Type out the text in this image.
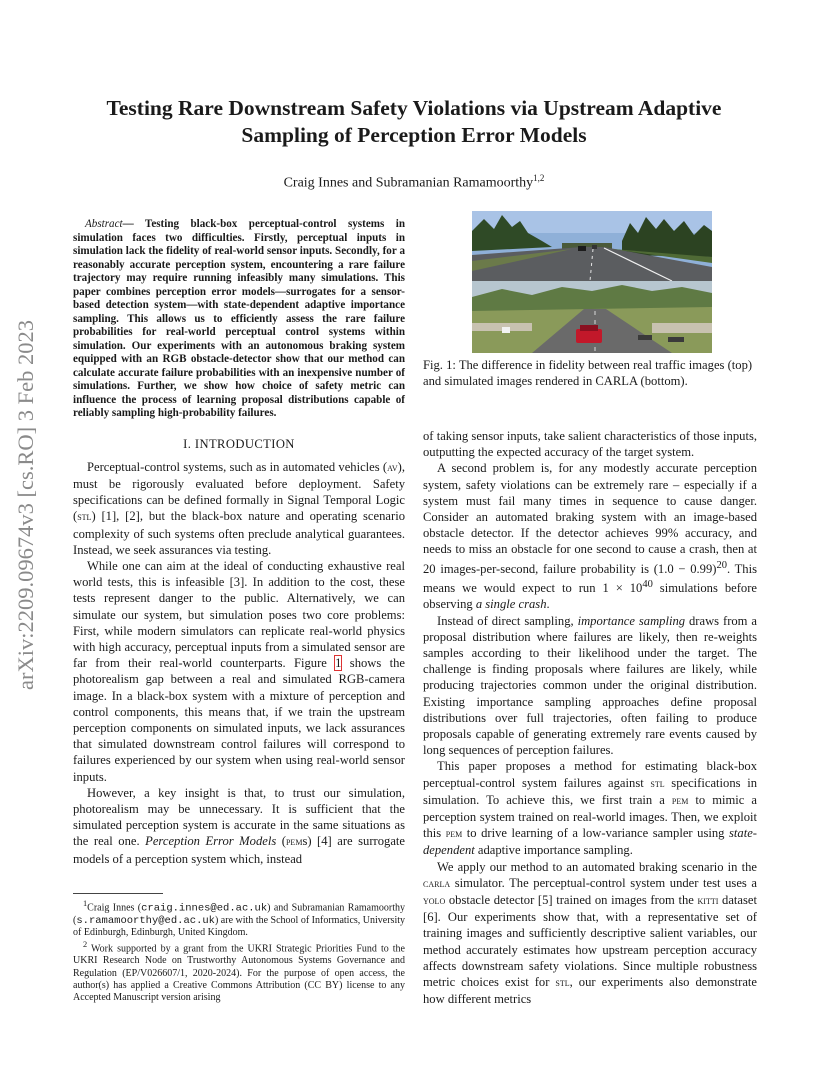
arXiv:2209.09674v3 [cs.RO] 3 Feb 2023
Testing Rare Downstream Safety Violations via Upstream Adaptive
Sampling of Perception Error Models
Craig Innes and Subramanian Ramamoorthy$^{1,2}$
Abstract— Testing black-box perceptual-control systems in simulation faces two difficulties. Firstly, perceptual inputs in simulation lack the fidelity of real-world sensor inputs. Secondly, for a reasonably accurate perception system, encountering a rare failure trajectory may require running infeasibly many simulations. This paper combines perception error models—surrogates for a sensor-based detection system—with state-dependent adaptive importance sampling. This allows us to efficiently assess the rare failure probabilities for real-world perceptual control systems within simulation. Our experiments with an autonomous braking system equipped with an RGB obstacle-detector show that our method can calculate accurate failure probabilities with an inexpensive number of simulations. Further, we show how choice of safety metric can influence the process of learning proposal distributions capable of reliably sampling high-probability failures.
I. INTRODUCTION

Perceptual-control systems, such as in automated vehicles (av), must be rigorously evaluated before deployment. Safety specifications can be defined formally in Signal Temporal Logic (stl) [1], [2], but the black-box nature and operating scenario complexity of such systems often preclude analytical guarantees. Instead, we seek assurances via testing.

While one can aim at the ideal of conducting exhaustive real world tests, this is infeasible [3]. In addition to the cost, these tests represent danger to the public. Alternatively, we can simulate our system, but simulation poses two core problems: First, while modern simulators can replicate real-world physics with high accuracy, perceptual inputs from a simulated sensor are far from their real-world counterparts. Figure 1 shows the photorealism gap between a real and simulated RGB-camera image. In a black-box system with a mixture of perception and control components, this means that, if we train the upstream perception components on simulated inputs, we lack assurances that simulated downstream control failures will correspond to failures experienced by our system when using real-world sensor inputs.

However, a key insight is that, to trust our simulation, photorealism may be unnecessary. It is sufficient that the simulated perception system is accurate in the same situations as the real one. Perception Error Models (pems) [4] are surrogate models of a perception system which, instead

$^1$Craig Innes (craig.innes@ed.ac.uk) and Subramanian Ramamoorthy (s.ramamoorthy@ed.ac.uk) are with the School of Informatics, University of Edinburgh, Edinburgh, United Kingdom.

$^2$ Work supported by a grant from the UKRI Strategic Priorities Fund to the UKRI Research Node on Trustworthy Autonomous Systems Governance and Regulation (EP/V026607/1, 2020-2024). For the purpose of open access, the author(s) has applied a Creative Commons Attribution (CC BY) license to any Accepted Manuscript version arising

Fig. 1: The difference in fidelity between real traffic images (top) and simulated images rendered in CARLA (bottom).

of taking sensor inputs, take salient characteristics of those inputs, outputting the expected accuracy of the target system.

A second problem is, for any modestly accurate perception system, safety violations can be extremely rare – especially if a system must fail many times in sequence to cause danger. Consider an automated braking system with an image-based obstacle detector. If the detector achieves 99% accuracy, and needs to miss an obstacle for one second to cause a crash, then at 20 images-per-second, failure probability is $(1.0 - 0.99)^{20}$. This means we would expect to run $1 \times 10^{40}$ simulations before observing a single crash.

Instead of direct sampling, importance sampling draws from a proposal distribution where failures are likely, then re-weights samples according to their likelihood under the target. The challenge is finding proposals where failures are likely, while producing trajectories common under the original distribution. Existing importance sampling approaches define proposal distributions over full trajectories, often failing to produce proposals capable of generating extremely rare events caused by long sequences of perception failures.

This paper proposes a method for estimating black-box perceptual-control system failures against stl specifications in simulation. To achieve this, we first train a pem to mimic a perception system trained on real-world images. Then, we exploit this pem to drive learning of a low-variance sampler using state-dependent adaptive importance sampling.

We apply our method to an automated braking scenario in the carla simulator. The perceptual-control system under test uses a yolo obstacle detector [5] trained on images from the kitti dataset [6]. Our experiments show that, with a representative set of training images and sufficiently descriptive salient variables, our method accurately estimates how upstream perception accuracy affects downstream safety violations. Since multiple robustness metric choices exist for stl, our experiments also demonstrate how different metrics
